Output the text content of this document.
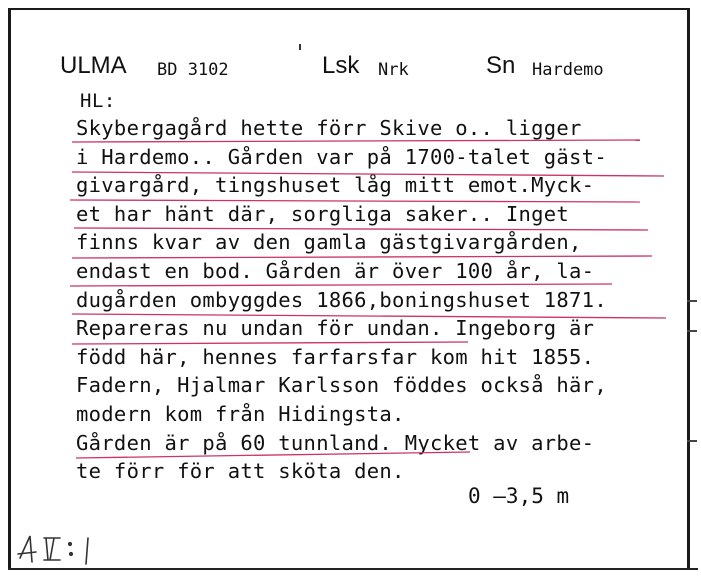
ULMA BD 3102	Lsk Nrk	Sn Hardemo
HL:
Skybergagård hette förr Skive o.. ligger
i Hardemo.. Gården var på 1700-talet gäst-
givargård, tingshuset låg mitt emot.Myck-
et har hänt där, sorgliga saker.. Inget
finns kvar av den gamla gästgivargården,
endast en bod. Gården är över 100 år, la-
dugården ombyggdes 1866,boningshuset 1871.
Repareras nu undan för undan. Ingeborg är
född här, hennes farfarsfar kom hit 1855.
Fadern, Hjalmar Karlsson föddes också här,
modern kom från Hidingsta.
Gården är på 60 tunnland. Mycket av arbe-
te förr för att sköta den.
0 —3,5 m
